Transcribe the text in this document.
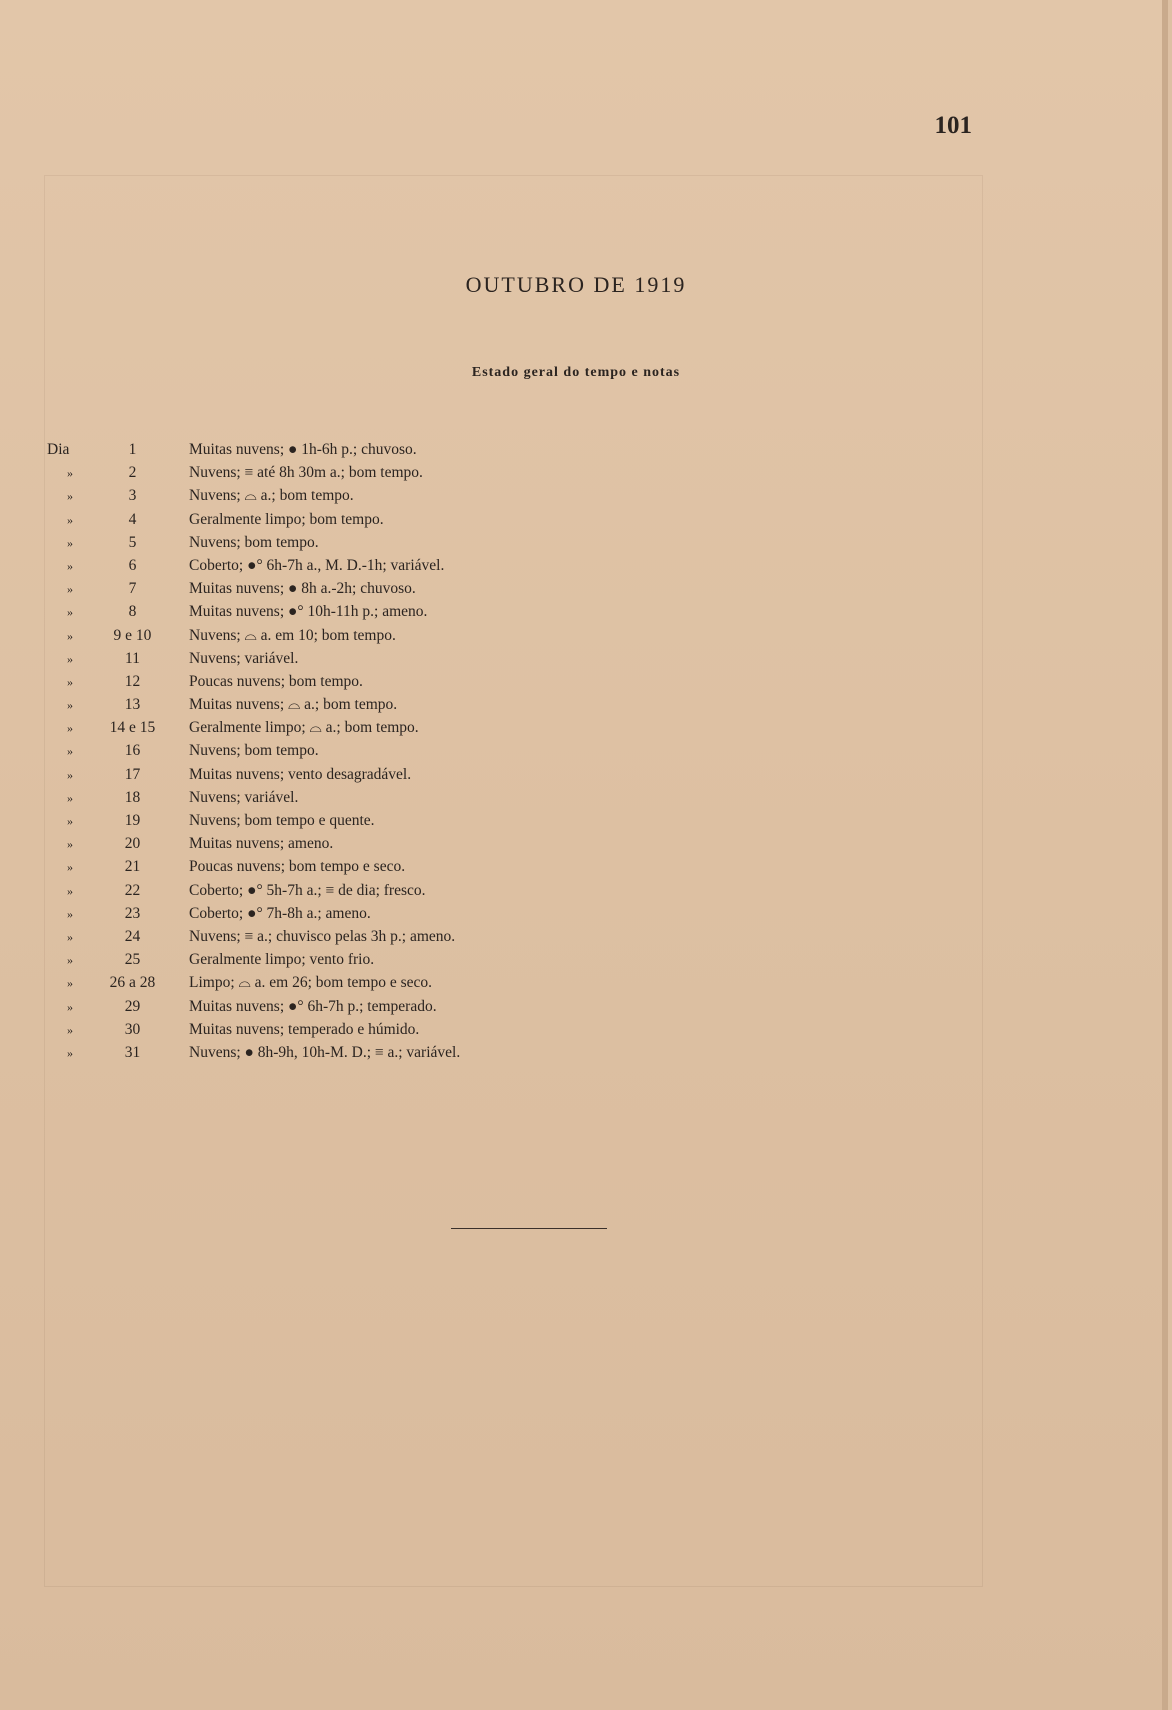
101
OUTUBRO DE 1919
Estado geral do tempo e notas
Dia	1	Muitas nuvens; ● 1h-6h p.; chuvoso.
»	2	Nuvens; ≡ até 8h 30m a.; bom tempo.
»	3	Nuvens; ⌓ a.; bom tempo.
»	4	Geralmente limpo; bom tempo.
»	5	Nuvens; bom tempo.
»	6	Coberto; ●° 6h-7h a., M. D.-1h; variável.
»	7	Muitas nuvens; ● 8h a.-2h; chuvoso.
»	8	Muitas nuvens; ●° 10h-11h p.; ameno.
»	9 e 10	Nuvens; ⌓ a. em 10; bom tempo.
»	11	Nuvens; variável.
»	12	Poucas nuvens; bom tempo.
»	13	Muitas nuvens; ⌓ a.; bom tempo.
»	14 e 15	Geralmente limpo; ⌓ a.; bom tempo.
»	16	Nuvens; bom tempo.
»	17	Muitas nuvens; vento desagradável.
»	18	Nuvens; variável.
»	19	Nuvens; bom tempo e quente.
»	20	Muitas nuvens; ameno.
»	21	Poucas nuvens; bom tempo e seco.
»	22	Coberto; ●° 5h-7h a.; ≡ de dia; fresco.
»	23	Coberto; ●° 7h-8h a.; ameno.
»	24	Nuvens; ≡ a.; chuvisco pelas 3h p.; ameno.
»	25	Geralmente limpo; vento frio.
»	26 a 28	Limpo; ⌓ a. em 26; bom tempo e seco.
»	29	Muitas nuvens; ●° 6h-7h p.; temperado.
»	30	Muitas nuvens; temperado e húmido.
»	31	Nuvens; ● 8h-9h, 10h-M. D.; ≡ a.; variável.
